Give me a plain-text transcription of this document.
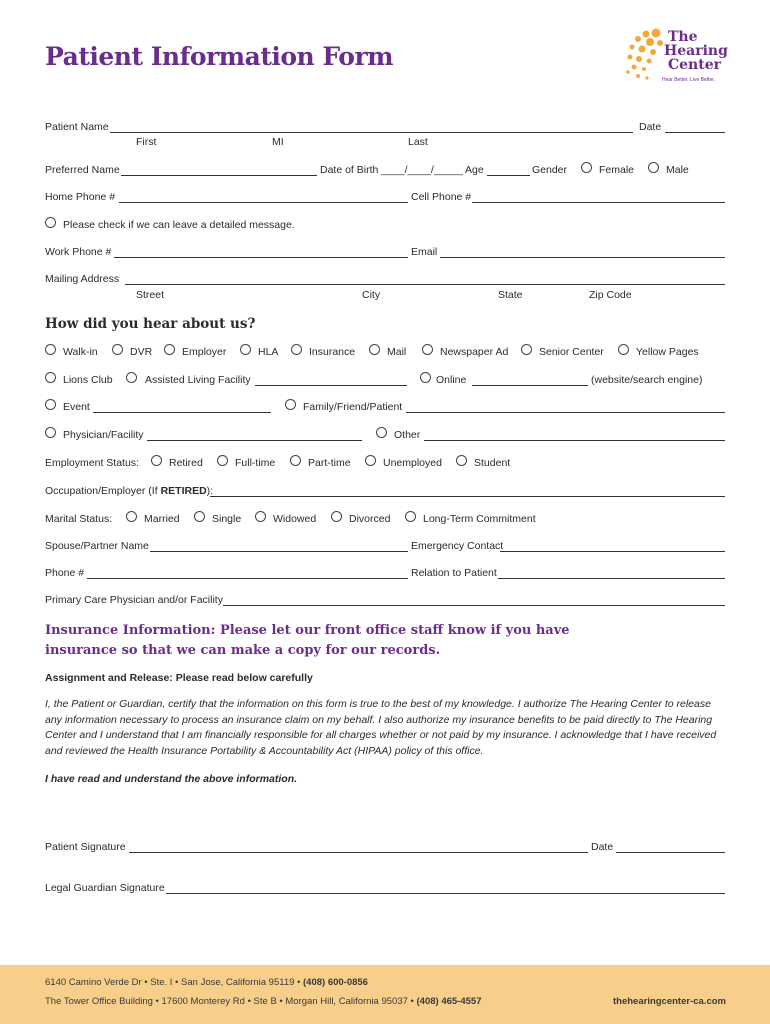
Patient Information Form
The
Hearing
Center
Hear Better. Live Better.
Patient Name	Date
First	MI	Last
Preferred Name	Date of Birth ____/____/_____ Age	Gender	Female	Male
Home Phone #	Cell Phone #
Please check if we can leave a detailed message.
Work Phone #	Email
Mailing Address
Street	City	State	Zip Code
How did you hear about us?
Walk-in	DVR	Employer	HLA	Insurance	Mail	Newspaper Ad	Senior Center	Yellow Pages
Lions Club	Assisted Living Facility	Online	(website/search engine)
Event	Family/Friend/Patient
Physician/Facility	Other
Employment Status:	Retired	Full-time	Part-time	Unemployed	Student
Occupation/Employer (If RETIRED):
Marital Status:	Married	Single	Widowed	Divorced	Long-Term Commitment
Spouse/Partner Name	Emergency Contact
Phone #	Relation to Patient
Primary Care Physician and/or Facility
Insurance Information: Please let our front office staff know if you have
insurance so that we can make a copy for our records.
Assignment and Release: Please read below carefully
I, the Patient or Guardian, certify that the information on this form is true to the best of my knowledge. I authorize The Hearing Center to release any information necessary to process an insurance claim on my behalf. I also authorize my insurance benefits to be paid directly to The Hearing Center and I understand that I am financially responsible for all charges whether or not paid by my insurance. I acknowledge that I have received and reviewed the Health Insurance Portability & Accountability Act (HIPAA) policy of this office.
I have read and understand the above information.
Patient Signature	Date
Legal Guardian Signature
6140 Camino Verde Dr • Ste. I • San Jose, California 95119 • (408) 600-0856
The Tower Office Building • 17600 Monterey Rd • Ste B • Morgan Hill, California 95037 • (408) 465-4557	thehearingcenter-ca.com
